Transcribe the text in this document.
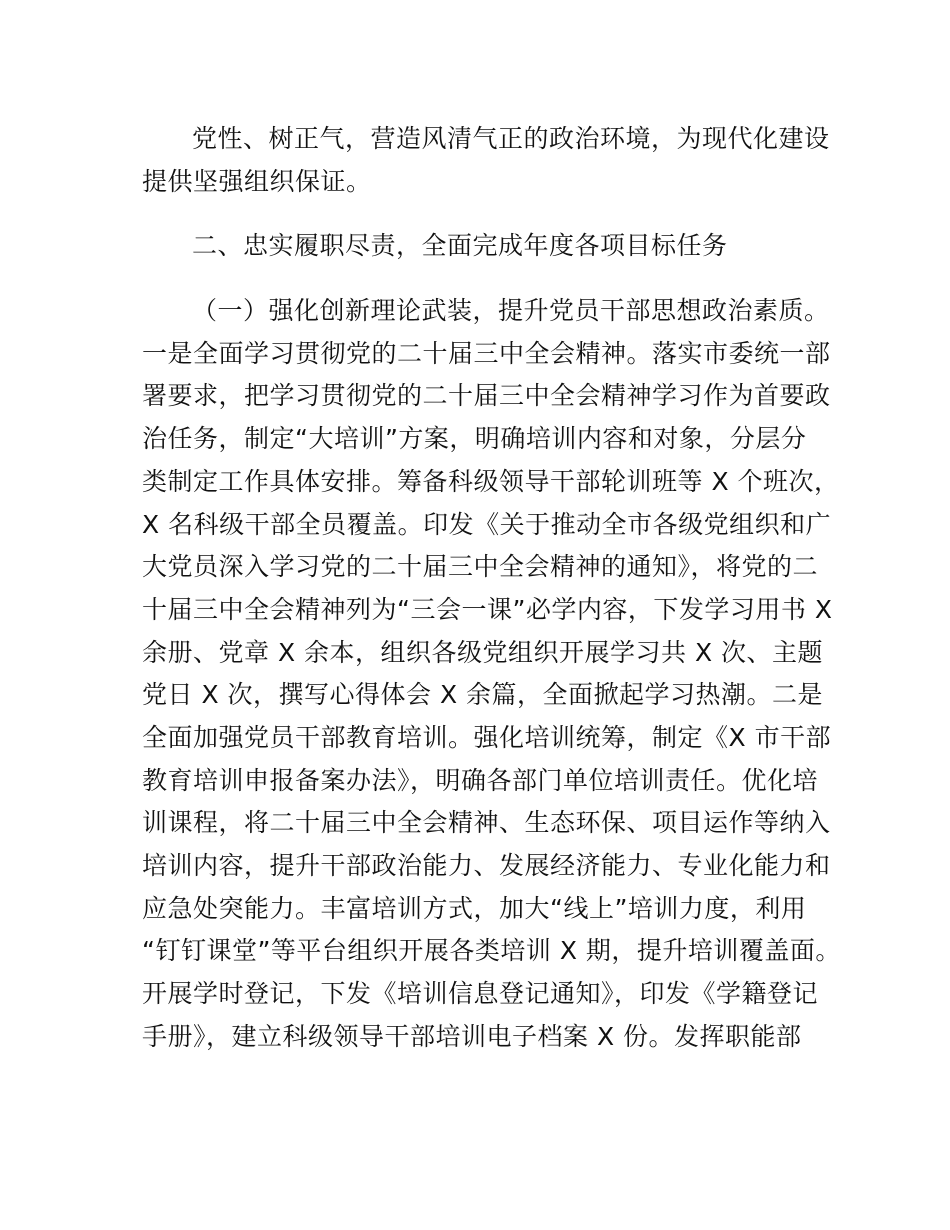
党性、树正气，营造风清气正的政治环境，为现代化建设
提供坚强组织保证。
二、忠实履职尽责，全面完成年度各项目标任务
（一）强化创新理论武装，提升党员干部思想政治素质。
一是全面学习贯彻党的二十届三中全会精神。落实市委统一部
署要求，把学习贯彻党的二十届三中全会精神学习作为首要政
治任务，制定“大培训”方案，明确培训内容和对象，分层分
类制定工作具体安排。筹备科级领导干部轮训班等 X 个班次，
X 名科级干部全员覆盖。印发《关于推动全市各级党组织和广
大党员深入学习党的二十届三中全会精神的通知》，将党的二
十届三中全会精神列为“三会一课”必学内容，下发学习用书 X
余册、党章 X 余本，组织各级党组织开展学习共 X 次、主题
党日 X 次，撰写心得体会 X 余篇，全面掀起学习热潮。二是
全面加强党员干部教育培训。强化培训统筹，制定《X 市干部
教育培训申报备案办法》，明确各部门单位培训责任。优化培
训课程，将二十届三中全会精神、生态环保、项目运作等纳入
培训内容，提升干部政治能力、发展经济能力、专业化能力和
应急处突能力。丰富培训方式，加大“线上”培训力度，利用
“钉钉课堂”等平台组织开展各类培训 X 期，提升培训覆盖面。
开展学时登记，下发《培训信息登记通知》，印发《学籍登记
手册》，建立科级领导干部培训电子档案 X 份。发挥职能部
